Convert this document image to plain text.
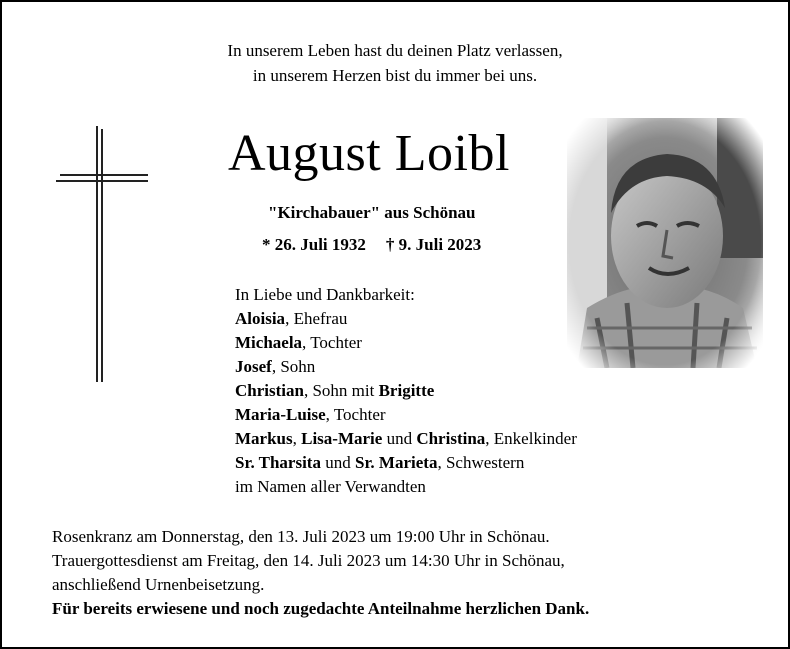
In unserem Leben hast du deinen Platz verlassen,
in unserem Herzen bist du immer bei uns.
August Loibl
"Kirchabauer" aus Schönau
* 26. Juli 1932 † 9. Juli 2023
In Liebe und Dankbarkeit:
Aloisia, Ehefrau
Michaela, Tochter
Josef, Sohn
Christian, Sohn mit Brigitte
Maria-Luise, Tochter
Markus, Lisa-Marie und Christina, Enkelkinder
Sr. Tharsita und Sr. Marieta, Schwestern
im Namen aller Verwandten
Rosenkranz am Donnerstag, den 13. Juli 2023 um 19:00 Uhr in Schönau.
Trauergottesdienst am Freitag, den 14. Juli 2023 um 14:30 Uhr in Schönau,
anschließend Urnenbeisetzung.
Für bereits erwiesene und noch zugedachte Anteilnahme herzlichen Dank.
